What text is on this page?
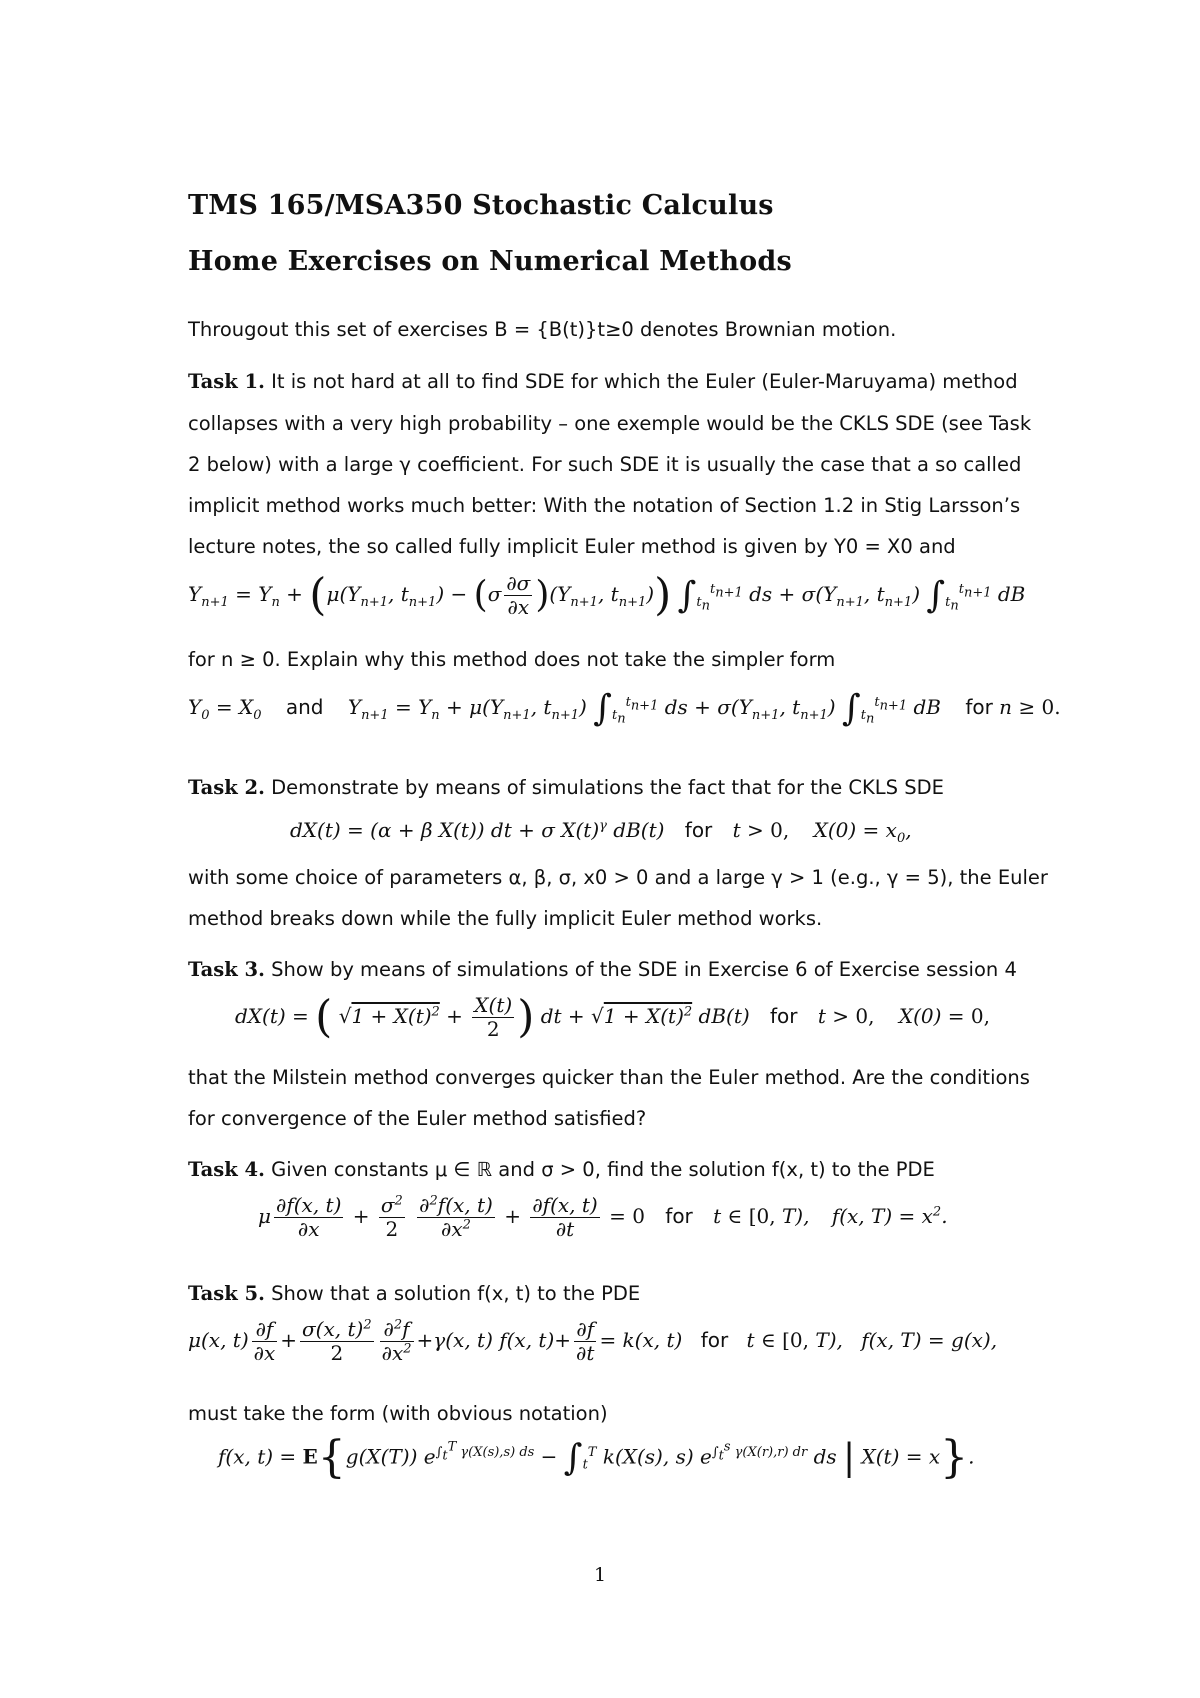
TMS 165/MSA350 Stochastic Calculus
Home Exercises on Numerical Methods
Througout this set of exercises B = {B(t)}t≥0 denotes Brownian motion.
Task 1. It is not hard at all to find SDE for which the Euler (Euler-Maruyama) method
collapses with a very high probability – one exemple would be the CKLS SDE (see Task
2 below) with a large γ coefficient. For such SDE it is usually the case that a so called
implicit method works much better: With the notation of Section 1.2 in Stig Larsson’s
lecture notes, the so called fully implicit Euler method is given by Y0 = X0 and
$Y_{n+1} = Y_n + (\mu(Y_{n+1}$, $t_{n+1}) - (\sigma \frac{\partial\sigma}{\partial x} )(Y_{n+1}$, $t_{n+1}$)) $\int_{t_n}^{t_{n+1}}$ ds + $\sigma(Y_{n+1}$, $t_{n+1}$) $\int_{t_n}^{t_{n+1}}$ dB
for n ≥ 0. Explain why this method does not take the simpler form
$Y_0 = X_0$ and $Y_{n+1} = Y_n + \mu(Y_{n+1}$, $t_{n+1}$) $\int_{t_n}^{t_{n+1}}$ ds + $\sigma(Y_{n+1}$, $t_{n+1}$) $\int_{t_n}^{t_{n+1}}$ dB for n ≥ 0.
Task 2. Demonstrate by means of simulations the fact that for the CKLS SDE
dX(t) = (α + β X(t)) dt + σ $X(t)^\gamma$ dB(t) for t > 0, $X(0) = x_0$,
with some choice of parameters α, β, σ, x0 > 0 and a large γ > 1 (e.g., γ = 5), the Euler
method breaks down while the fully implicit Euler method works.
Task 3. Show by means of simulations of the SDE in Exercise 6 of Exercise session 4
dX(t) = ( $√1 + X(t)^2 + \frac{X(t)}{2}$ ) dt + $√1 + X(t)^2$ dB(t) for t > 0, X(0) = 0,
that the Milstein method converges quicker than the Euler method. Are the conditions
for convergence of the Euler method satisfied?
Task 4. Given constants μ ∈ ℝ and σ > 0, find the solution f(x, t) to the PDE
μ $\frac{\partial f(x, t)}{\partial x} + \frac{\sigma^2}{2}$
$\frac{\partial^2f(x, t)}{\partial x^2} + \frac{\partial f(x, t)}{\partial t} = 0$ for t ∈ [0, T), f(x, $T) = x^2$.
Task 5. Show that a solution f(x, t) to the PDE
μ(x, $t) \frac{\partial f}{\partial x} + \frac{\sigma(x, t)^2}{2} \frac{\partial^2f}{\partial x^2} +\gamma(x$, t) f(x, $t)+ \frac{\partial f}{\partial t} = k(x$, t) for t ∈ [0, T), f(x, T) = g(x),
must take the form (with obvious notation)
f(x, t) = E{g(X(T)) $e^{\int_t^T \gamma(X(s),s) ds} - \int_t^T$ k(X(s), s) $e^{\int_t^s \gamma(X(r),r) dr}$ ds | X(t) = x}.
1
